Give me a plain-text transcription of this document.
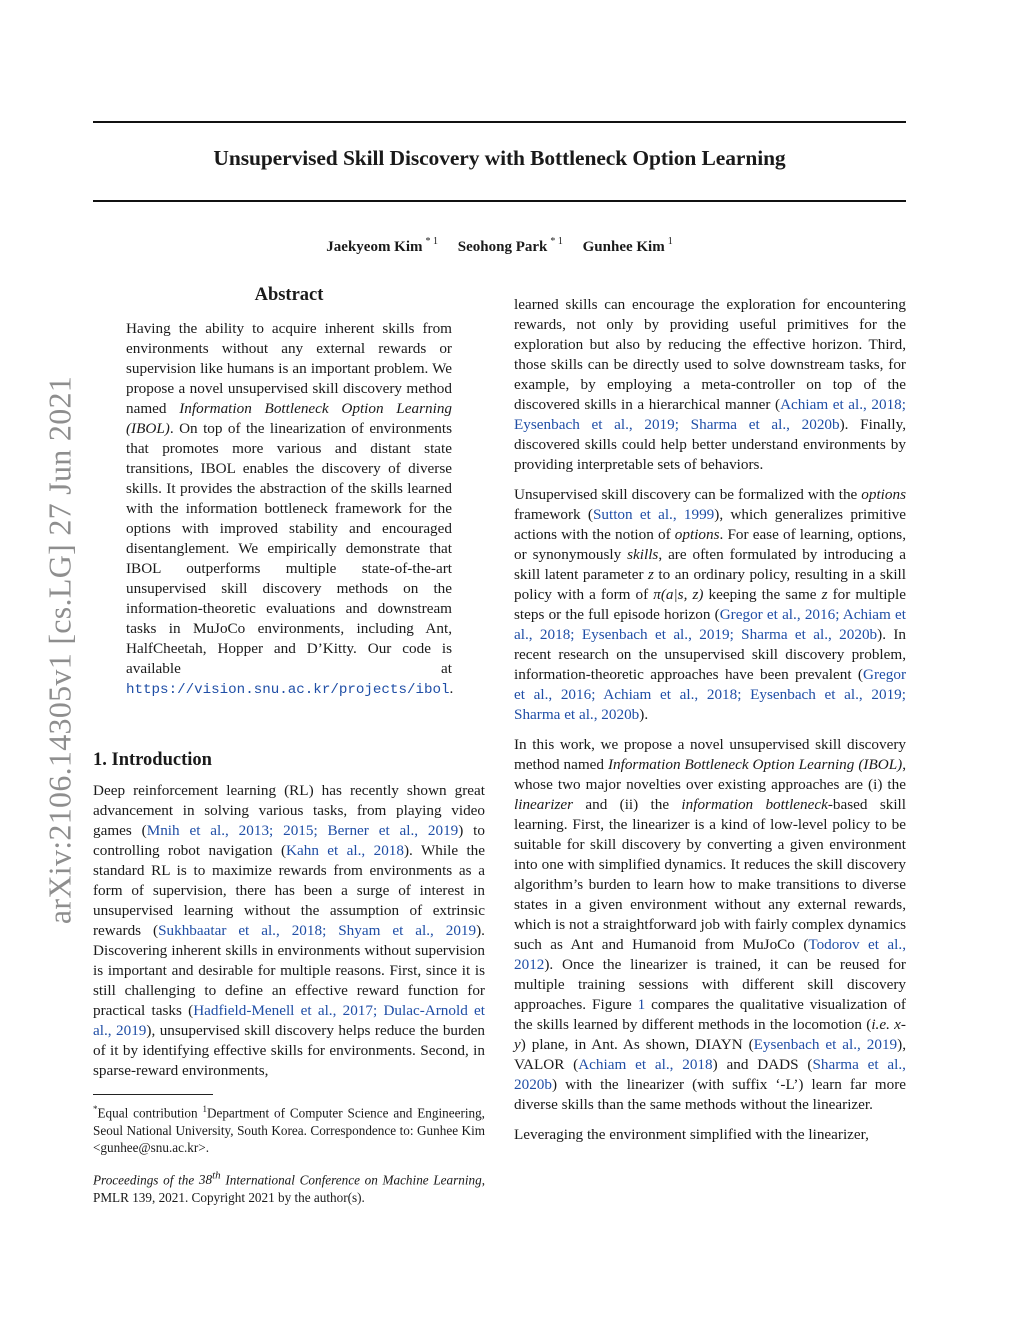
Unsupervised Skill Discovery with Bottleneck Option Learning
Jaekyeom Kim $^{* 1}$ Seohong Park $^{* 1}$ Gunhee Kim $^1$
arXiv:2106.14305v1 [cs.LG] 27 Jun 2021
Abstract
Having the ability to acquire inherent skills from environments without any external rewards or supervision like humans is an important problem. We propose a novel unsupervised skill discovery method named Information Bottleneck Option Learning (IBOL). On top of the linearization of environments that promotes more various and distant state transitions, IBOL enables the discovery of diverse skills. It provides the abstraction of the skills learned with the information bottleneck framework for the options with improved stability and encouraged disentanglement. We empirically demonstrate that IBOL outperforms multiple state-of-the-art unsupervised skill discovery methods on the information-theoretic evaluations and downstream tasks in MuJoCo environments, including Ant, HalfCheetah, Hopper and D’Kitty. Our code is available at https://vision.snu.ac.kr/projects/ibol.
1. Introduction

Deep reinforcement learning (RL) has recently shown great advancement in solving various tasks, from playing video games (Mnih et al., 2013; 2015; Berner et al., 2019) to controlling robot navigation (Kahn et al., 2018). While the standard RL is to maximize rewards from environments as a form of supervision, there has been a surge of interest in unsupervised learning without the assumption of extrinsic rewards (Sukhbaatar et al., 2018; Shyam et al., 2019). Discovering inherent skills in environments without supervision is important and desirable for multiple reasons. First, since it is still challenging to define an effective reward function for practical tasks (Hadfield-Menell et al., 2017; Dulac-Arnold et al., 2019), unsupervised skill discovery helps reduce the burden of it by identifying effective skills for environments. Second, in sparse-reward environments,

*Equal contribution $^1$Department of Computer Science and Engineering, Seoul National University, South Korea. Correspondence to: Gunhee Kim <gunhee@snu.ac.kr>.
Proceedings of the 38th International Conference on Machine Learning, PMLR 139, 2021. Copyright 2021 by the author(s).

learned skills can encourage the exploration for encountering rewards, not only by providing useful primitives for the exploration but also by reducing the effective horizon. Third, those skills can be directly used to solve downstream tasks, for example, by employing a meta-controller on top of the discovered skills in a hierarchical manner (Achiam et al., 2018; Eysenbach et al., 2019; Sharma et al., 2020b). Finally, discovered skills could help better understand environments by providing interpretable sets of behaviors.

Unsupervised skill discovery can be formalized with the options framework (Sutton et al., 1999), which generalizes primitive actions with the notion of options. For ease of learning, options, or synonymously skills, are often formulated by introducing a skill latent parameter z to an ordinary policy, resulting in a skill policy with a form of π(a|s, z) keeping the same z for multiple steps or the full episode horizon (Gregor et al., 2016; Achiam et al., 2018; Eysenbach et al., 2019; Sharma et al., 2020b). In recent research on the unsupervised skill discovery problem, information-theoretic approaches have been prevalent (Gregor et al., 2016; Achiam et al., 2018; Eysenbach et al., 2019; Sharma et al., 2020b).

In this work, we propose a novel unsupervised skill discovery method named Information Bottleneck Option Learning (IBOL), whose two major novelties over existing approaches are (i) the linearizer and (ii) the information bottleneck-based skill learning. First, the linearizer is a kind of low-level policy to be suitable for skill discovery by converting a given environment into one with simplified dynamics. It reduces the skill discovery algorithm’s burden to learn how to make transitions to diverse states in a given environment without any external rewards, which is not a straightforward job with fairly complex dynamics such as Ant and Humanoid from MuJoCo (Todorov et al., 2012). Once the linearizer is trained, it can be reused for multiple training sessions with different skill discovery approaches. Figure 1 compares the qualitative visualization of the skills learned by different methods in the locomotion (i.e. x-y) plane, in Ant. As shown, DIAYN (Eysenbach et al., 2019), VALOR (Achiam et al., 2018) and DADS (Sharma et al., 2020b) with the linearizer (with suffix ‘-L’) learn far more diverse skills than the same methods without the linearizer.

Leveraging the environment simplified with the linearizer,
